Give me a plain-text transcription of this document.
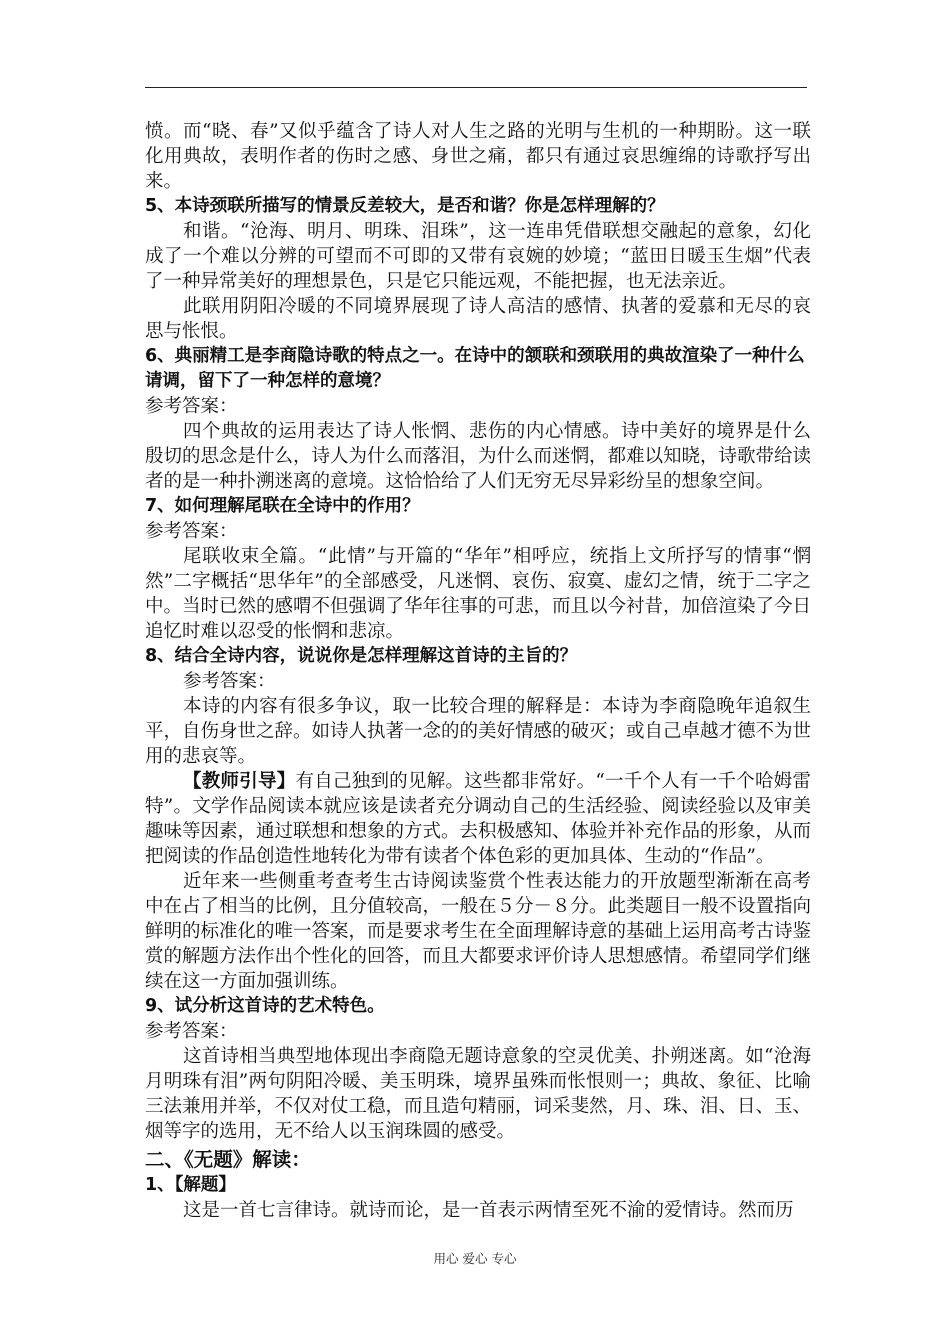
愤。而“晓、春”又似乎蕴含了诗人对人生之路的光明与生机的一种期盼。这一联化用典故，表明作者的伤时之感、身世之痛，都只有通过哀思缠绵的诗歌抒写出来。

5、本诗颈联所描写的情景反差较大，是否和谐？你是怎样理解的？

和谐。“沧海、明月、明珠、泪珠”，这一连串凭借联想交融起的意象，幻化成了一个难以分辨的可望而不可即的又带有哀婉的妙境；“蓝田日暖玉生烟”代表了一种异常美好的理想景色，只是它只能远观，不能把握，也无法亲近。

此联用阴阳冷暖的不同境界展现了诗人高洁的感情、执著的爱慕和无尽的哀思与怅恨。

6、典丽精工是李商隐诗歌的特点之一。在诗中的颔联和颈联用的典故渲染了一种什么请调，留下了一种怎样的意境？

参考答案：

四个典故的运用表达了诗人怅惘、悲伤的内心情感。诗中美好的境界是什么殷切的思念是什么，诗人为什么而落泪，为什么而迷惘，都难以知晓，诗歌带给读者的是一种扑溯迷离的意境。这恰恰给了人们无穷无尽异彩纷呈的想象空间。

7、如何理解尾联在全诗中的作用？

参考答案：

尾联收束全篇。“此情”与开篇的“华年”相呼应，统指上文所抒写的情事“惘然”二字概括“思华年”的全部感受，凡迷惘、哀伤、寂寞、虚幻之情，统于二字之中。当时已然的感喟不但强调了华年往事的可悲，而且以今衬昔，加倍渲染了今日追忆时难以忍受的怅惘和悲凉。

8、结合全诗内容，说说你是怎样理解这首诗的主旨的？

参考答案：

本诗的内容有很多争议，取一比较合理的解释是：本诗为李商隐晚年追叙生平，自伤身世之辞。如诗人执著一念的的美好情感的破灭；或自己卓越才德不为世用的悲哀等。

【教师引导】有自己独到的见解。这些都非常好。“一千个人有一千个哈姆雷特”。文学作品阅读本就应该是读者充分调动自己的生活经验、阅读经验以及审美趣味等因素，通过联想和想象的方式。去积极感知、体验并补充作品的形象，从而把阅读的作品创造性地转化为带有读者个体色彩的更加具体、生动的“作品”。

近年来一些侧重考查考生古诗阅读鉴赏个性表达能力的开放题型渐渐在高考中在占了相当的比例，且分值较高，一般在５分－８分。此类题目一般不设置指向鲜明的标准化的唯一答案，而是要求考生在全面理解诗意的基础上运用高考古诗鉴赏的解题方法作出个性化的回答，而且大都要求评价诗人思想感情。希望同学们继续在这一方面加强训练。

9、试分析这首诗的艺术特色。

参考答案：

这首诗相当典型地体现出李商隐无题诗意象的空灵优美、扑朔迷离。如“沧海月明珠有泪”两句阴阳冷暖、美玉明珠，境界虽殊而怅恨则一；典故、象征、比喻三法兼用并举，不仅对仗工稳，而且造句精丽，词采斐然，月、珠、泪、日、玉、烟等字的选用，无不给人以玉润珠圆的感受。

二、《无题》解读：

1、【解题】

这是一首七言律诗。就诗而论，是一首表示两情至死不渝的爱情诗。然而历

用心 爱心 专心
